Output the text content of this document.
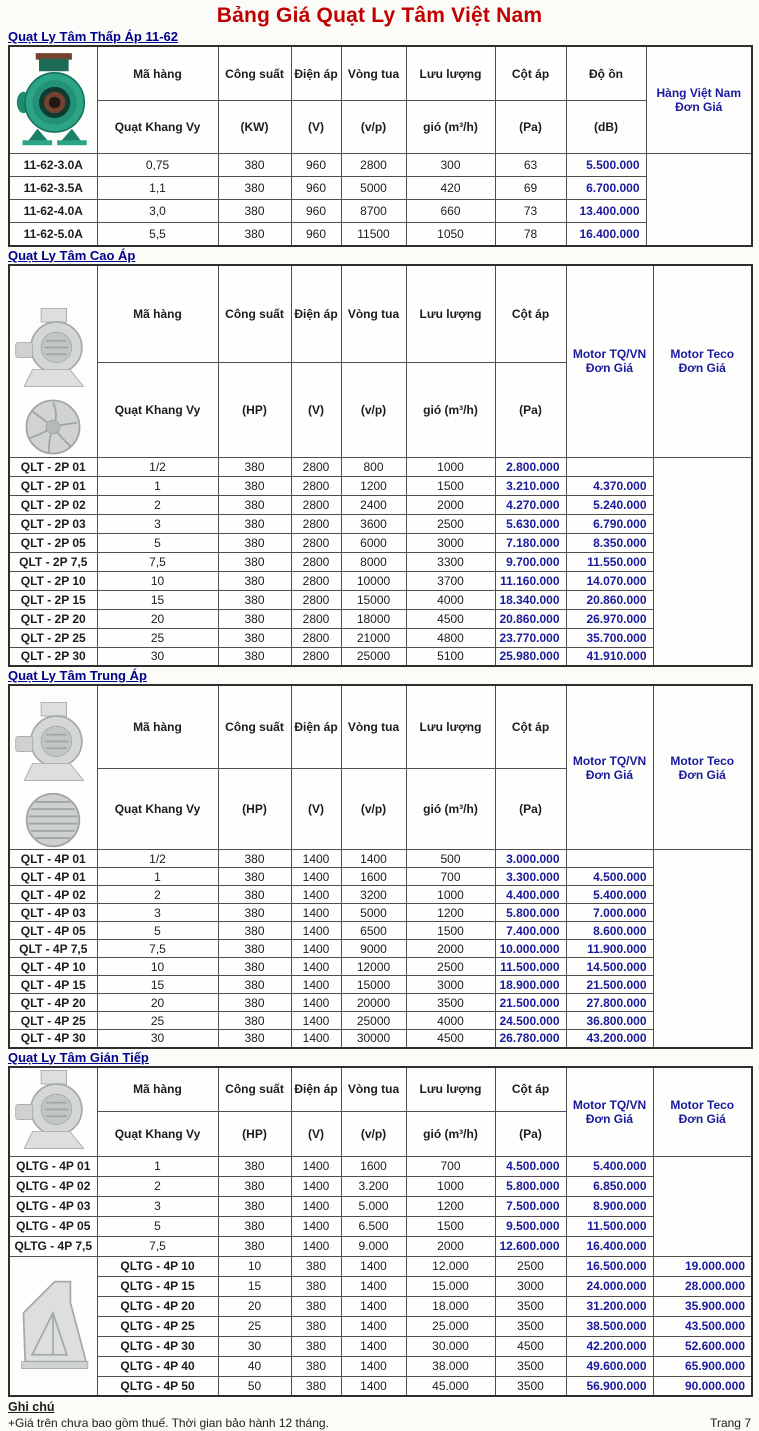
Bảng Giá Quạt Ly Tâm Việt Nam
Quạt Ly Tâm Thấp Áp 11-62
	Mã hàng	Công suất	Điện áp	Vòng tua	Lưu lượng	Cột áp	Độ ồn	Hàng Việt Nam
Đơn Giá

	Quạt Khang Vy	(KW)	(V)	(v/p)	gió (m³/h)	(Pa)	(dB)	
11-62-3.0A	0,75	380	960	2800	300	63	5.500.000	
11-62-3.5A	1,1	380	960	5000	420	69	6.700.000	
11-62-4.0A	3,0	380	960	8700	660	73	13.400.000	
11-62-5.0A	5,5	380	960	11500	1050	78	16.400.000	
Quạt Ly Tâm Cao Áp
	Mã hàng	Công suất	Điện áp	Vòng tua	Lưu lượng	Cột áp	
Motor TQ/VN
Đơn Giá

Motor Teco
Đơn Giá

	Quạt Khang Vy	(HP)	(V)	(v/p)	gió (m³/h)	(Pa)		
QLT - 2P 01	1/2	380	2800	800	1000	2.800.000		
QLT - 2P 01	1	380	2800	1200	1500	3.210.000	4.370.000	
QLT - 2P 02	2	380	2800	2400	2000	4.270.000	5.240.000	
QLT - 2P 03	3	380	2800	3600	2500	5.630.000	6.790.000	
QLT - 2P 05	5	380	2800	6000	3000	7.180.000	8.350.000	
QLT - 2P 7,5	7,5	380	2800	8000	3300	9.700.000	11.550.000	
QLT - 2P 10	10	380	2800	10000	3700	11.160.000	14.070.000	
QLT - 2P 15	15	380	2800	15000	4000	18.340.000	20.860.000	
QLT - 2P 20	20	380	2800	18000	4500	20.860.000	26.970.000	
QLT - 2P 25	25	380	2800	21000	4800	23.770.000	35.700.000	
QLT - 2P 30	30	380	2800	25000	5100	25.980.000	41.910.000	
Quạt Ly Tâm Trung Áp
	Mã hàng	Công suất	Điện áp	Vòng tua	Lưu lượng	Cột áp	
Motor TQ/VN
Đơn Giá

Motor Teco
Đơn Giá

	Quạt Khang Vy	(HP)	(V)	(v/p)	gió (m³/h)	(Pa)		
QLT - 4P 01	1/2	380	1400	1400	500	3.000.000		
QLT - 4P 01	1	380	1400	1600	700	3.300.000	4.500.000	
QLT - 4P 02	2	380	1400	3200	1000	4.400.000	5.400.000	
QLT - 4P 03	3	380	1400	5000	1200	5.800.000	7.000.000	
QLT - 4P 05	5	380	1400	6500	1500	7.400.000	8.600.000	
QLT - 4P 7,5	7,5	380	1400	9000	2000	10.000.000	11.900.000	
QLT - 4P 10	10	380	1400	12000	2500	11.500.000	14.500.000	
QLT - 4P 15	15	380	1400	15000	3000	18.900.000	21.500.000	
QLT - 4P 20	20	380	1400	20000	3500	21.500.000	27.800.000	
QLT - 4P 25	25	380	1400	25000	4000	24.500.000	36.800.000	
QLT - 4P 30	30	380	1400	30000	4500	26.780.000	43.200.000	
Quạt Ly Tâm Gián Tiếp
	Mã hàng	Công suất	Điện áp	Vòng tua	Lưu lượng	Cột áp	
Motor TQ/VN
Đơn Giá

Motor Teco
Đơn Giá

	Quạt Khang Vy	(HP)	(V)	(v/p)	gió (m³/h)	(Pa)		
QLTG - 4P 01	1	380	1400	1600	700	4.500.000	5.400.000	
QLTG - 4P 02	2	380	1400	3.200	1000	5.800.000	6.850.000	
QLTG - 4P 03	3	380	1400	5.000	1200	7.500.000	8.900.000	
QLTG - 4P 05	5	380	1400	6.500	1500	9.500.000	11.500.000	
QLTG - 4P 7,5	7,5	380	1400	9.000	2000	12.600.000	16.400.000	

	QLTG - 4P 10	10	380	1400	12.000	2500	16.500.000	19.000.000
	QLTG - 4P 15	15	380	1400	15.000	3000	24.000.000	28.000.000
	QLTG - 4P 20	20	380	1400	18.000	3500	31.200.000	35.900.000
	QLTG - 4P 25	25	380	1400	25.000	3500	38.500.000	43.500.000
	QLTG - 4P 30	30	380	1400	30.000	4500	42.200.000	52.600.000
	QLTG - 4P 40	40	380	1400	38.000	3500	49.600.000	65.900.000
	QLTG - 4P 50	50	380	1400	45.000	3500	56.900.000	90.000.000
Ghi chú
+Giá trên chưa bao gồm thuế. Thời gian bảo hành 12 tháng.	Trang 7
